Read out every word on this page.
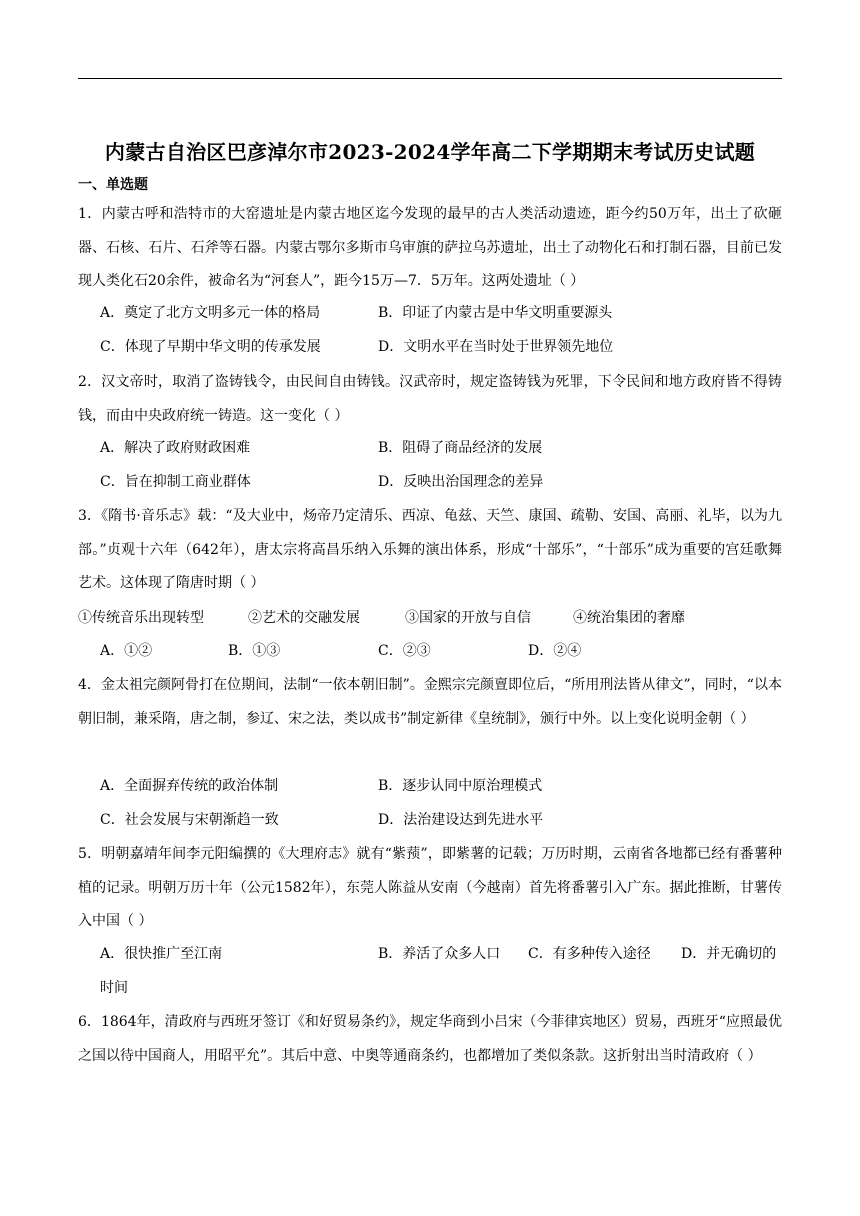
内蒙古自治区巴彦淖尔市2023-2024学年高二下学期期末考试历史试题
一、单选题
1．内蒙古呼和浩特市的大窑遗址是内蒙古地区迄今发现的最早的古人类活动遗迹，距今约50万年，出土了砍砸器、石核、石片、石斧等石器。内蒙古鄂尔多斯市乌审旗的萨拉乌苏遗址，出土了动物化石和打制石器，目前已发现人类化石20余件，被命名为“河套人”，距今15万—7．5万年。这两处遗址（ ）
A．奠定了北方文明多元一体的格局	B．印证了内蒙古是中华文明重要源头
C．体现了早期中华文明的传承发展	D．文明水平在当时处于世界领先地位
2．汉文帝时，取消了盗铸钱令，由民间自由铸钱。汉武帝时，规定盗铸钱为死罪，下令民间和地方政府皆不得铸钱，而由中央政府统一铸造。这一变化（ ）
A．解决了政府财政困难	B．阻碍了商品经济的发展
C．旨在抑制工商业群体	D．反映出治国理念的差异
3．《隋书·音乐志》载：“及大业中，炀帝乃定清乐、西凉、龟兹、天竺、康国、疏勒、安国、高丽、礼毕，以为九部。”贞观十六年（642年），唐太宗将高昌乐纳入乐舞的演出体系，形成“十部乐”，“十部乐”成为重要的宫廷歌舞艺术。这体现了隋唐时期（ ）
①传统音乐出现转型	②艺术的交融发展	③国家的开放与自信	④统治集团的奢靡
A．①②	B．①③	C．②③	D．②④
4．金太祖完颜阿骨打在位期间，法制“一依本朝旧制”。金熙宗完颜亶即位后，“所用刑法皆从律文”，同时，“以本朝旧制，兼采隋，唐之制，参辽、宋之法，类以成书”制定新律《皇统制》，颁行中外。以上变化说明金朝（ ）
A．全面摒弃传统的政治体制	B．逐步认同中原治理模式
C．社会发展与宋朝渐趋一致	D．法治建设达到先进水平
5．明朝嘉靖年间李元阳编撰的《大理府志》就有“紫蓣”，即紫薯的记载；万历时期，云南省各地都已经有番薯种植的记录。明朝万历十年（公元1582年），东莞人陈益从安南（今越南）首先将番薯引入广东。据此推断，甘薯传入中国（ ）
A．很快推广至江南	B．养活了众多人口 C．有多种传入途径 D．并无确切的
时间
6．1864年，清政府与西班牙签订《和好贸易条约》，规定华商到小吕宋（今菲律宾地区）贸易，西班牙“应照最优之国以待中国商人，用昭平允”。其后中意、中奥等通商条约，也都增加了类似条款。这折射出当时清政府（ ）
